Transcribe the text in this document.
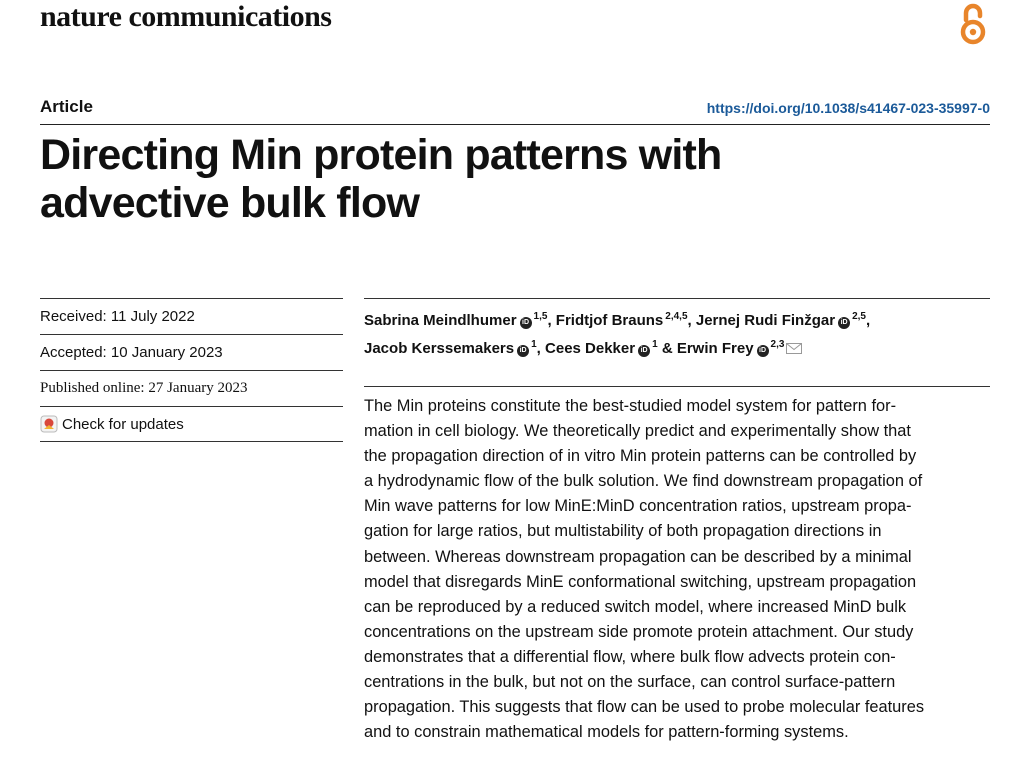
nature communications
Article	https://doi.org/10.1038/s41467-023-35997-0
Directing Min protein patterns with
advective bulk flow
Received: 11 July 2022
Accepted: 10 January 2023
Published online: 27 January 2023
Check for updates
Sabrina Meindlhumer iD$^{1,5}$, Fridtjof Brauns $^{2,4,5}$, Jernej Rudi Finžgar iD$^{2,5}$,
Jacob Kerssemakers iD$^1$, Cees Dekker iD$^1$ & Erwin Frey iD$^{2,3}$

The Min proteins constitute the best-studied model system for pattern for-
mation in cell biology. We theoretically predict and experimentally show that
the propagation direction of in vitro Min protein patterns can be controlled by
a hydrodynamic flow of the bulk solution. We find downstream propagation of
Min wave patterns for low MinE:MinD concentration ratios, upstream propa-
gation for large ratios, but multistability of both propagation directions in
between. Whereas downstream propagation can be described by a minimal
model that disregards MinE conformational switching, upstream propagation
can be reproduced by a reduced switch model, where increased MinD bulk
concentrations on the upstream side promote protein attachment. Our study
demonstrates that a differential flow, where bulk flow advects protein con-
centrations in the bulk, but not on the surface, can control surface-pattern
propagation. This suggests that flow can be used to probe molecular features
and to constrain mathematical models for pattern-forming systems.
